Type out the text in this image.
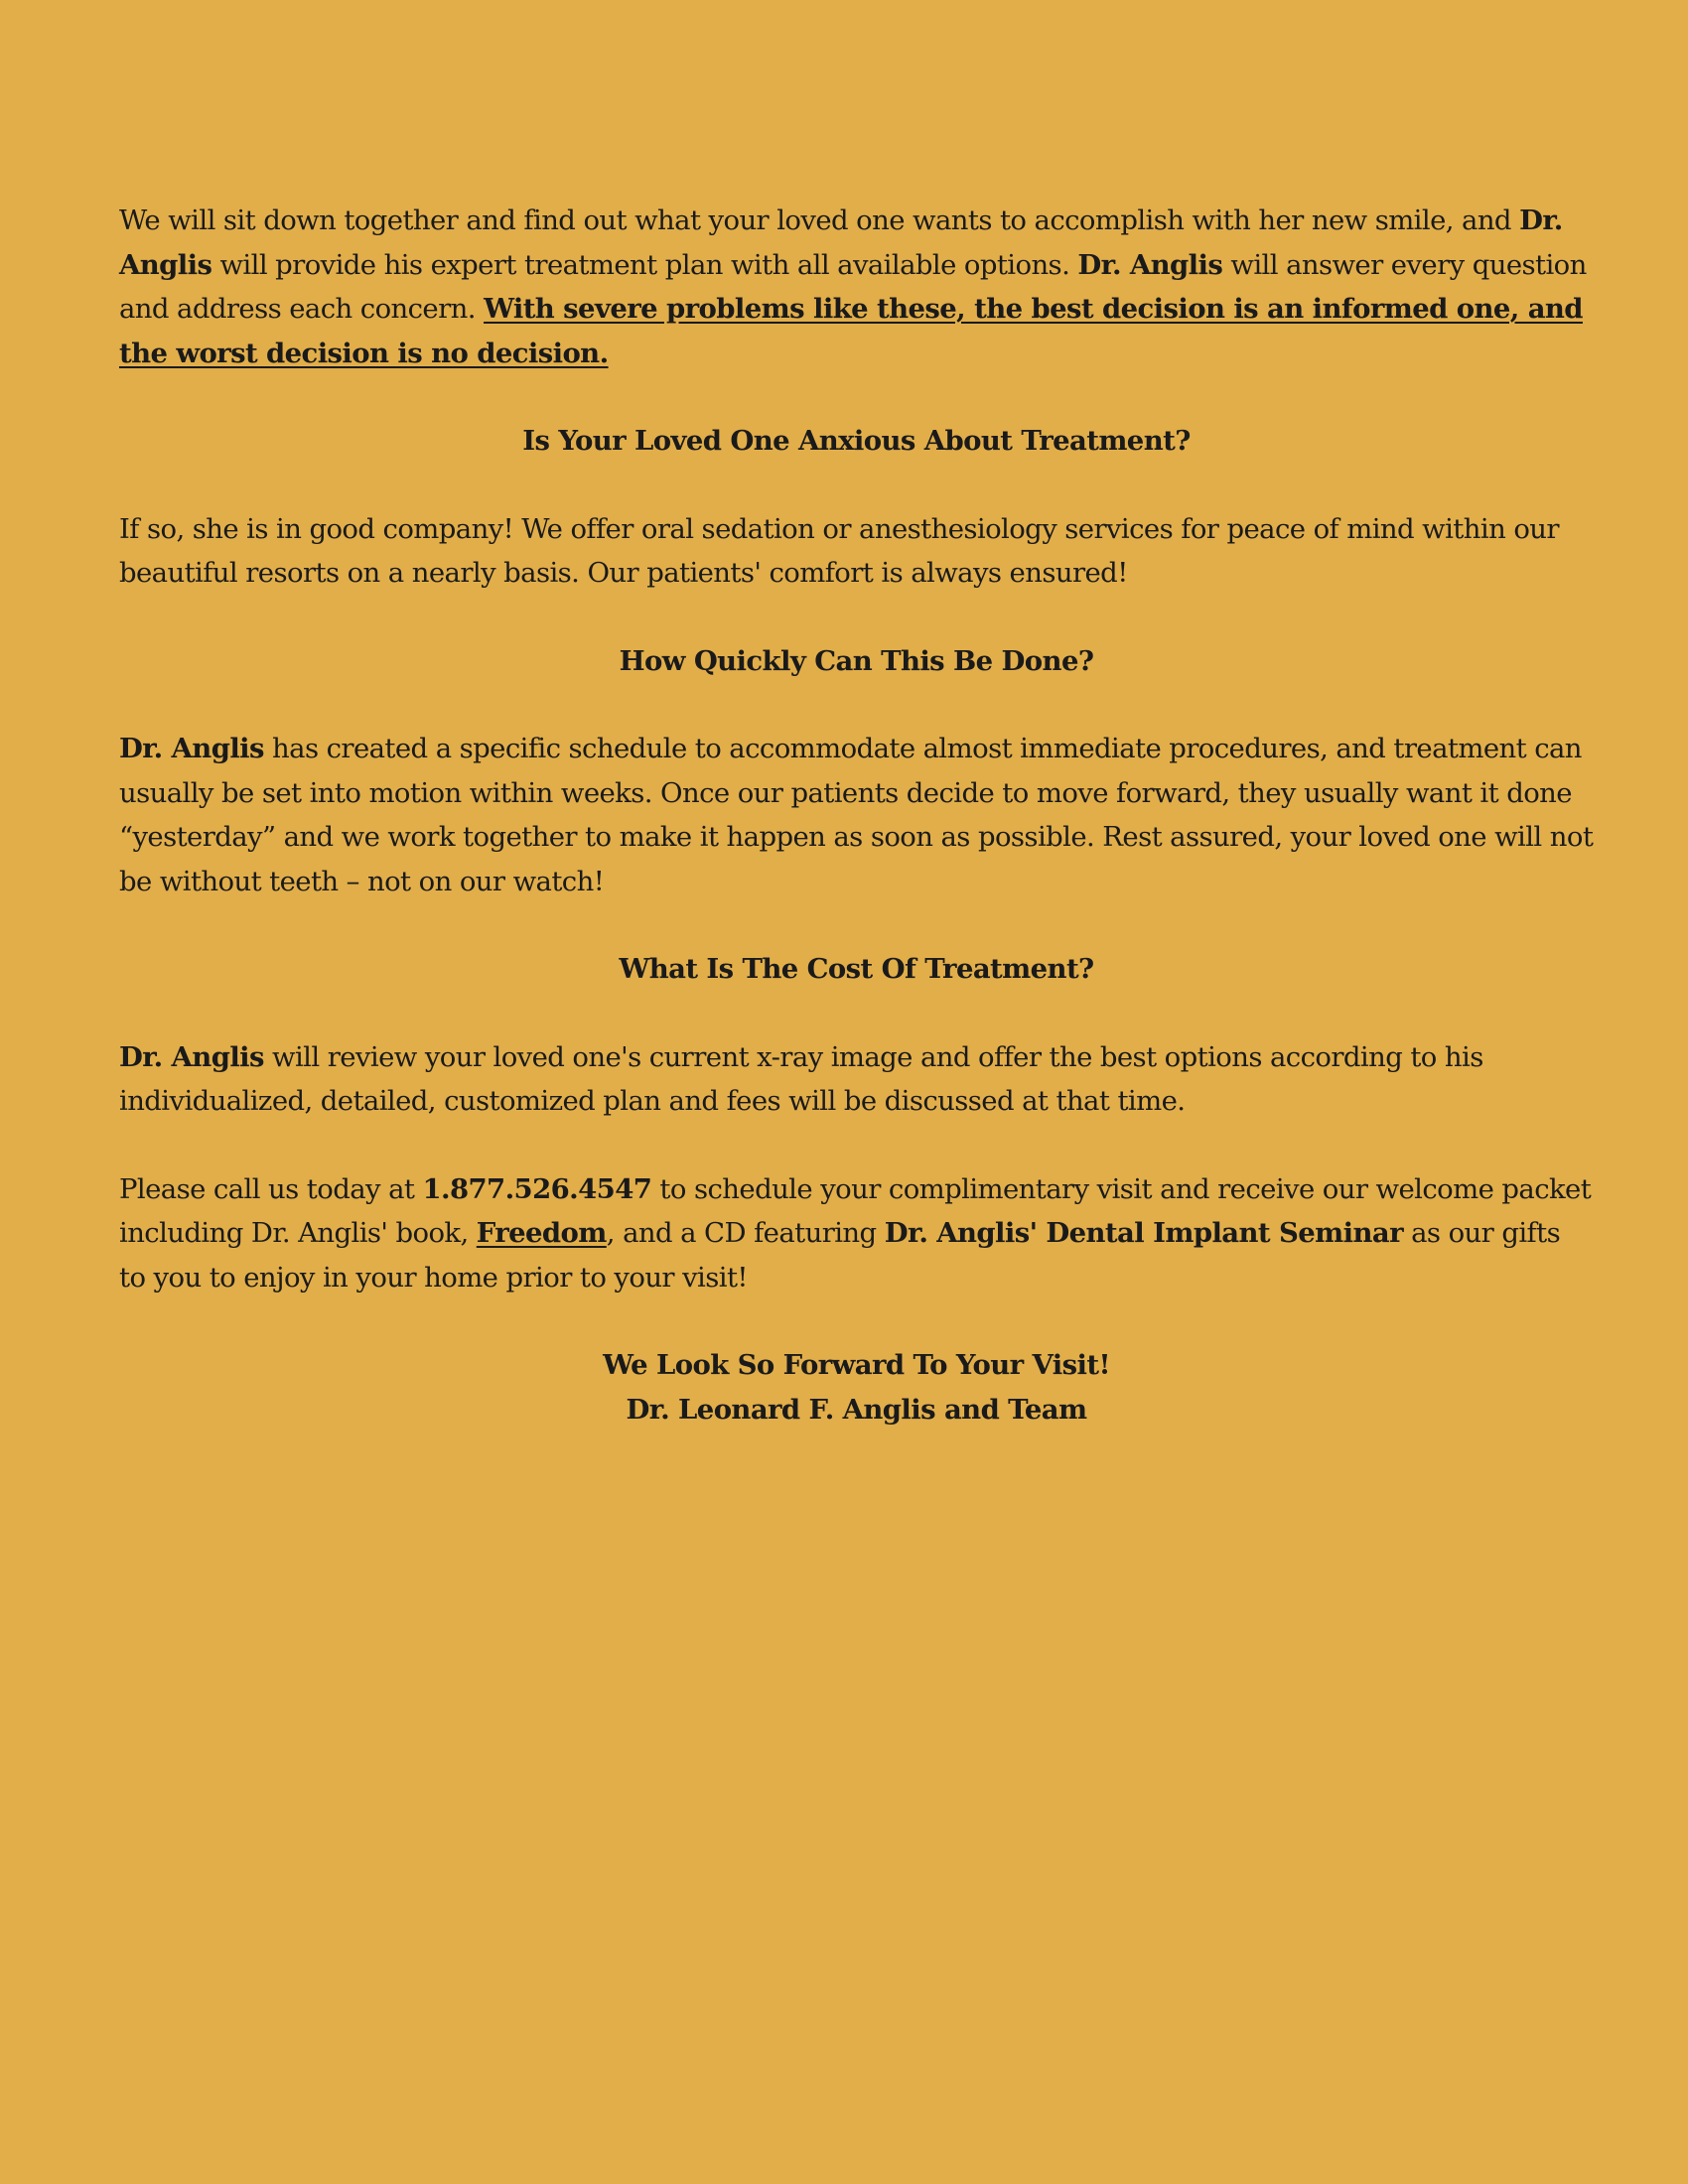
We will sit down together and find out what your loved one wants to accomplish with her new smile, and Dr. Anglis will provide his expert treatment plan with all available options. Dr. Anglis will answer every question and address each concern. With severe problems like these, the best decision is an informed one, and the worst decision is no decision.

Is Your Loved One Anxious About Treatment?

If so, she is in good company! We offer oral sedation or anesthesiology services for peace of mind within our beautiful resorts on a nearly basis. Our patients' comfort is always ensured!

How Quickly Can This Be Done?

Dr. Anglis has created a specific schedule to accommodate almost immediate procedures, and treatment can usually be set into motion within weeks. Once our patients decide to move forward, they usually want it done “yesterday” and we work together to make it happen as soon as possible. Rest assured, your loved one will not be without teeth – not on our watch!

What Is The Cost Of Treatment?

Dr. Anglis will review your loved one's current x-ray image and offer the best options according to his individualized, detailed, customized plan and fees will be discussed at that time.

Please call us today at 1.877.526.4547 to schedule your complimentary visit and receive our welcome packet including Dr. Anglis' book, Freedom, and a CD featuring Dr. Anglis' Dental Implant Seminar as our gifts to you to enjoy in your home prior to your visit!

We Look So Forward To Your Visit!

Dr. Leonard F. Anglis and Team
